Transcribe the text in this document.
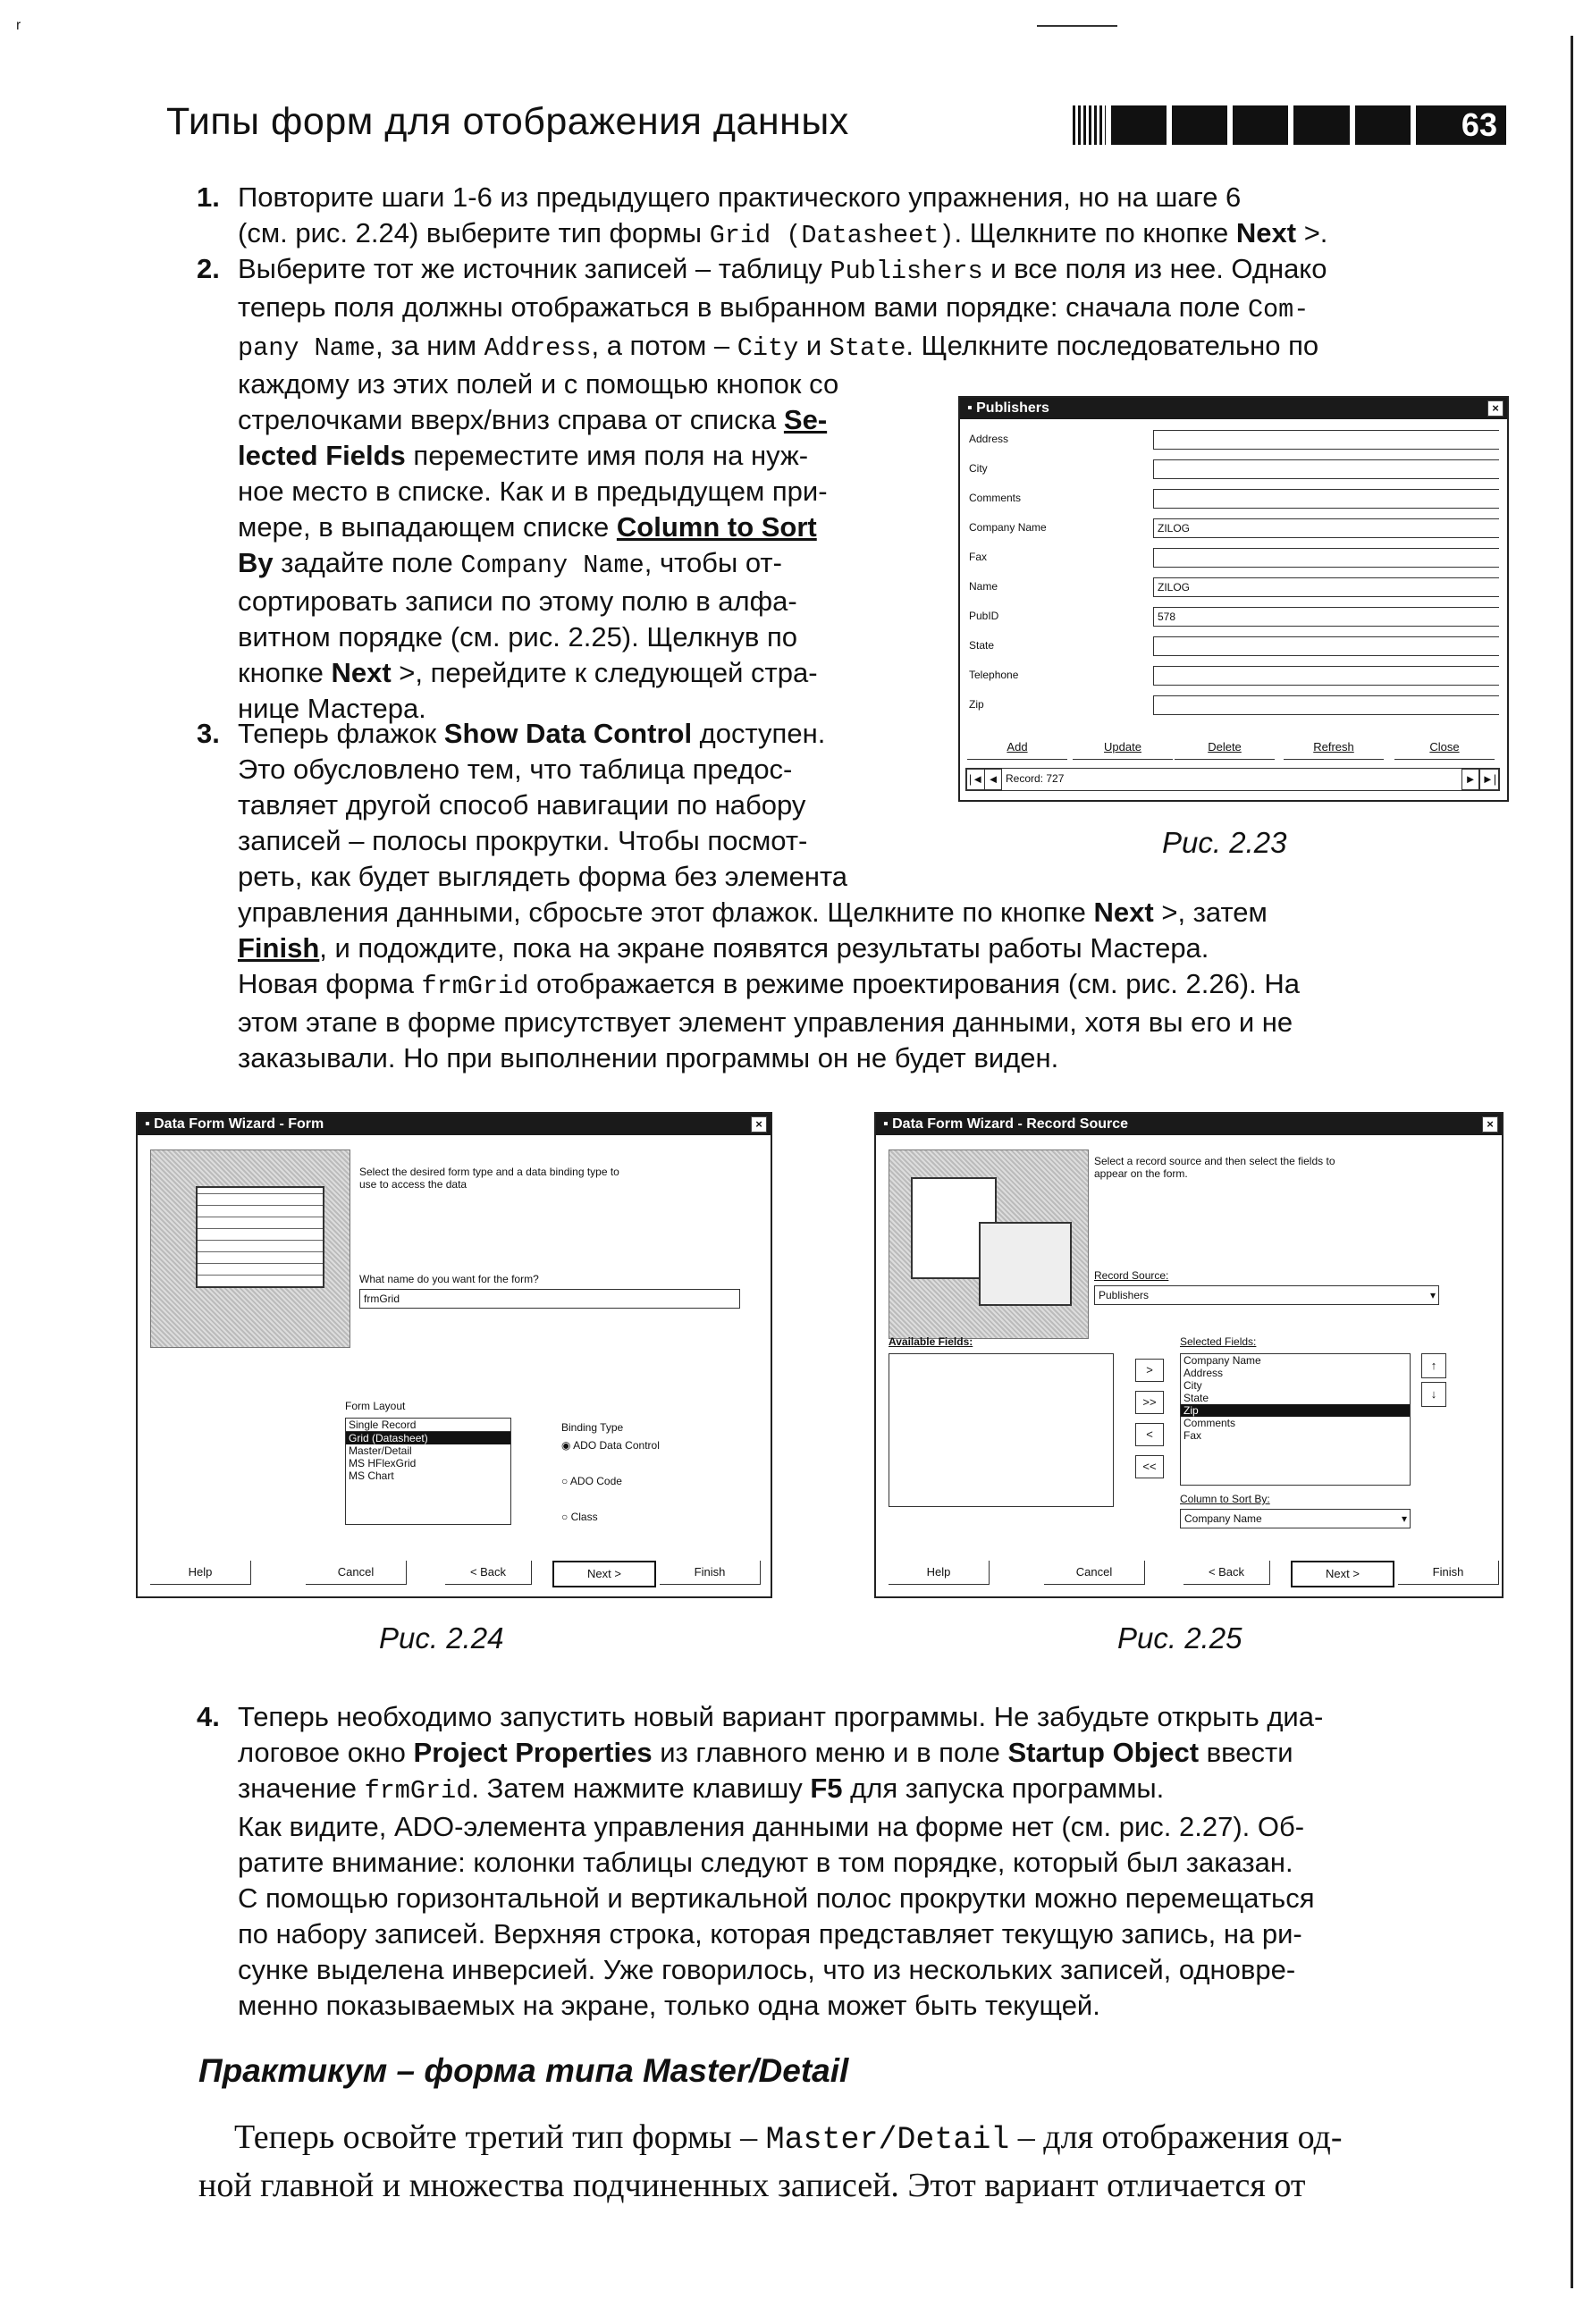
ʳ
Типы форм для отображения данных	63
1. Повторите шаги 1-6 из предыдущего практического упражнения, но на шаге 6
(см. рис. 2.24) выберите тип формы Grid (Datasheet). Щелкните по кнопке Next >.
2. Выберите тот же источник записей – таблицу Publishers и все поля из нее. Однако
теперь поля должны отображаться в выбранном вами порядке: сначала поле Com-
pany Name, за ним Address, а потом – City и State. Щелкните последовательно по
каждому из этих полей и с помощью кнопок со
стрелочками вверх/вниз справа от списка Se-
lected Fields переместите имя поля на нуж-
ное место в списке. Как и в предыдущем при-
мере, в выпадающем списке Column to Sort
By задайте поле Company Name, чтобы от-
сортировать записи по этому полю в алфа-
витном порядке (см. рис. 2.25). Щелкнув по
кнопке Next >, перейдите к следующей стра-
нице Мастера.
3. Теперь флажок Show Data Control доступен.
Это обусловлено тем, что таблица предос-
тавляет другой способ навигации по набору
записей – полосы прокрутки. Чтобы посмот-
реть, как будет выглядеть форма без элемента
управления данными, сбросьте этот флажок. Щелкните по кнопке Next >, затем
Finish, и подождите, пока на экране появятся результаты работы Мастера.
Новая форма frmGrid отображается в режиме проектирования (см. рис. 2.26). На
этом этапе в форме присутствует элемент управления данными, хотя вы его и не
заказывали. Но при выполнении программы он не будет виден.
▪ Publishers	×
Address
City
Comments
Company Name	ZILOG
Fax
Name	ZILOG
PubID	578
State
Telephone
Zip
Add	Update	Delete	Refresh	Close
|◄ ◄ Record: 727	► ►|
Рис. 2.23
▪ Data Form Wizard - Form	×
Select the desired form type and a data binding type to
use to access the data
What name do you want for the form?
frmGrid
Form Layout
Single Record
Grid (Datasheet)
Master/Detail
MS HFlexGrid
MS Chart
Binding Type
◉ ADO Data Control
○ ADO Code
○ Class
Help	Cancel	< Back	Next >	Finish
Рис. 2.24
▪ Data Form Wizard - Record Source	×
Select a record source and then select the fields to
appear on the form.
Record Source:
Publishers	▾
Available Fields:
>
>>
<
<<
Selected Fields:
Company Name
Address
City
State
Zip
Comments
Fax
↑
↓
Column to Sort By:
Company Name	▾
Help	Cancel	< Back	Next >	Finish
Рис. 2.25
4. Теперь необходимо запустить новый вариант программы. Не забудьте открыть диа-
логовое окно Project Properties из главного меню и в поле Startup Object ввести
значение frmGrid. Затем нажмите клавишу F5 для запуска программы.
Как видите, ADO-элемента управления данными на форме нет (см. рис. 2.27). Об-
ратите внимание: колонки таблицы следуют в том порядке, который был заказан.
С помощью горизонтальной и вертикальной полос прокрутки можно перемещаться
по набору записей. Верхняя строка, которая представляет текущую запись, на ри-
сунке выделена инверсией. Уже говорилось, что из нескольких записей, одновре-
менно показываемых на экране, только одна может быть текущей.
Практикум – форма типа Master/Detail
Теперь освойте третий тип формы – Master/Detail – для отображения од-
ной главной и множества подчиненных записей. Этот вариант отличается от
